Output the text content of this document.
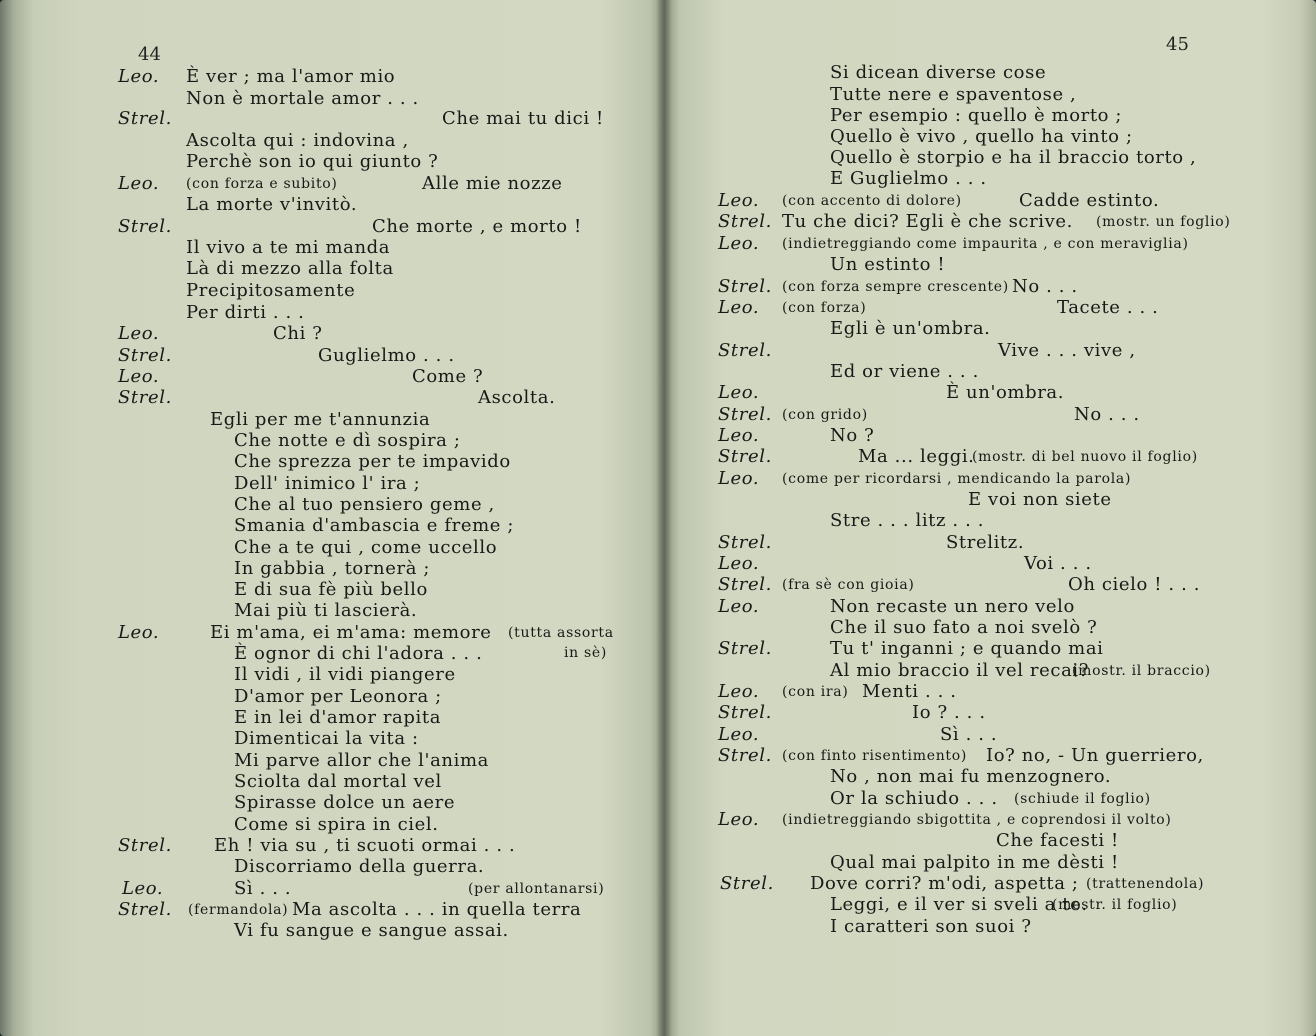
44	45
Leo. È ver ; ma l'amor mio
Non è mortale amor . . .
Strel.	Che mai tu dici !
Ascolta qui : indovina ,
Perchè son io qui giunto ?
Leo. (con forza e subito)	Alle mie nozze
La morte v'invitò.
Strel.	Che morte , e morto !
Il vivo a te mi manda
Là di mezzo alla folta
Precipitosamente
Per dirti . . .
Leo.	Chi ?
Strel.	Guglielmo . . .
Leo.	Come ?
Strel.	Ascolta.
Egli per me t'annunzia
Che notte e dì sospira ;
Che sprezza per te impavido
Dell' inimico l' ira ;
Che al tuo pensiero geme ,
Smania d'ambascia e freme ;
Che a te qui , come uccello
In gabbia , tornerà ;
E di sua fè più bello
Mai più ti lascierà.
Leo.	Ei m'ama, ei m'ama: memore (tutta assorta
È ognor di chi l'adora . . .	in sè)
Il vidi , il vidi piangere
D'amor per Leonora ;
E in lei d'amor rapita
Dimenticai la vita :
Mi parve allor che l'anima
Sciolta dal mortal vel
Spirasse dolce un aere
Come si spira in ciel.
Strel. Eh ! via su , ti scuoti ormai . . .
Discorriamo della guerra.
Leo.	Sì . . .	(per allontanarsi)
Strel. (fermandola) Ma ascolta . . . in quella terra
Vi fu sangue e sangue assai.
Si dicean diverse cose
Tutte nere e spaventose ,
Per esempio : quello è morto ;
Quello è vivo , quello ha vinto ;
Quello è storpio e ha il braccio torto ,
E Guglielmo . . .
Leo. (con accento di dolore)	Cadde estinto.
Strel. Tu che dici? Egli è che scrive. (mostr. un foglio)
Leo. (indietreggiando come impaurita , e con meraviglia)
Un estinto !
Strel. (con forza sempre crescente) No . . .
Leo. (con forza)	Tacete . . .
Egli è un'ombra.
Strel.	Vive . . . vive ,
Ed or viene . . .
Leo.	È un'ombra.
Strel. (con grido)	No . . .
Leo.	No ?
Strel.	Ma ... leggi.
(mostr. di bel nuovo il foglio)
Leo. (come per ricordarsi , mendicando la parola)
E voi non siete
Stre . . . litz . . .
Strel.	Strelitz.
Leo.	Voi . . .
Strel. (fra sè con gioia)	Oh cielo ! . . .
Leo.	Non recaste un nero velo
Che il suo fato a noi svelò ?
Strel.	Tu t' inganni ; e quando mai
Al mio braccio il vel recai?
(mostr. il braccio)
Leo. (con ira) Menti . . .
Strel.	Io ? . . .
Leo.	Sì . . .
Strel. (con finto risentimento) Io? no, - Un guerriero,
No , non mai fu menzognero.
Or la schiudo . . . (schiude il foglio)
Leo. (indietreggiando sbigottita , e coprendosi il volto)
Che facesti !
Qual mai palpito in me dèsti !
Strel. Dove corri? m'odi, aspetta ; (trattenendola)
Leggi, e il ver si sveli a te.
(mostr. il foglio)
I caratteri son suoi ?
